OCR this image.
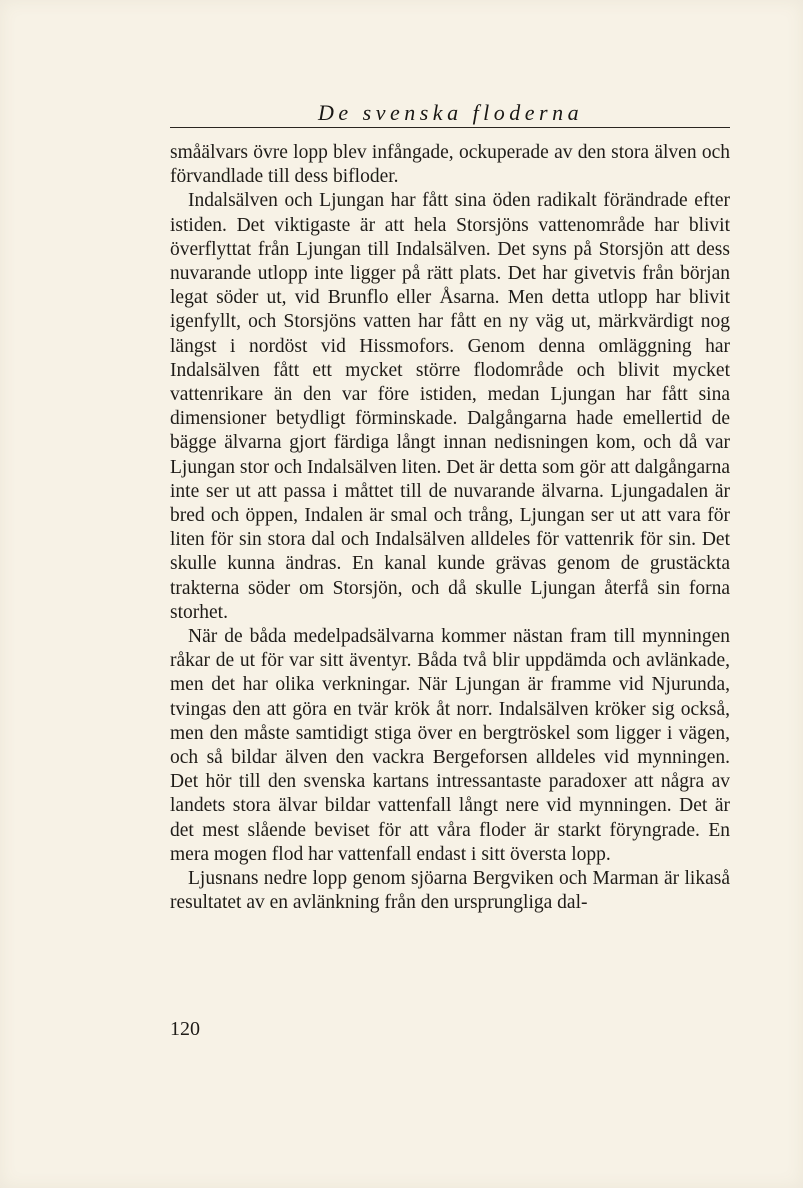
De svenska floderna

småälvars övre lopp blev infångade, ockuperade av den stora älven och förvandlade till dess bifloder.

Indalsälven och Ljungan har fått sina öden radikalt förändrade efter istiden. Det viktigaste är att hela Storsjöns vattenområde har blivit överflyttat från Ljungan till Indalsälven. Det syns på Storsjön att dess nuvarande utlopp inte ligger på rätt plats. Det har givetvis från början legat söder ut, vid Brunflo eller Åsarna. Men detta utlopp har blivit igenfyllt, och Storsjöns vatten har fått en ny väg ut, märkvärdigt nog längst i nordöst vid Hissmofors. Genom denna omläggning har Indalsälven fått ett mycket större flodområde och blivit mycket vattenrikare än den var före istiden, medan Ljungan har fått sina dimensioner betydligt förminskade. Dalgångarna hade emellertid de bägge älvarna gjort färdiga långt innan nedisningen kom, och då var Ljungan stor och Indalsälven liten. Det är detta som gör att dalgångarna inte ser ut att passa i måttet till de nuvarande älvarna. Ljungadalen är bred och öppen, Indalen är smal och trång, Ljungan ser ut att vara för liten för sin stora dal och Indalsälven alldeles för vattenrik för sin. Det skulle kunna ändras. En kanal kunde grävas genom de grustäckta trakterna söder om Storsjön, och då skulle Ljungan återfå sin forna storhet.

När de båda medelpadsälvarna kommer nästan fram till mynningen råkar de ut för var sitt äventyr. Båda två blir uppdämda och avlänkade, men det har olika verkningar. När Ljungan är framme vid Njurunda, tvingas den att göra en tvär krök åt norr. Indalsälven kröker sig också, men den måste samtidigt stiga över en bergtröskel som ligger i vägen, och så bildar älven den vackra Bergeforsen alldeles vid mynningen. Det hör till den svenska kartans intressantaste paradoxer att några av landets stora älvar bildar vattenfall långt nere vid mynningen. Det är det mest slående beviset för att våra floder är starkt föryngrade. En mera mogen flod har vattenfall endast i sitt översta lopp.

Ljusnans nedre lopp genom sjöarna Bergviken och Marman är likaså resultatet av en avlänkning från den ursprungliga dal-

120
